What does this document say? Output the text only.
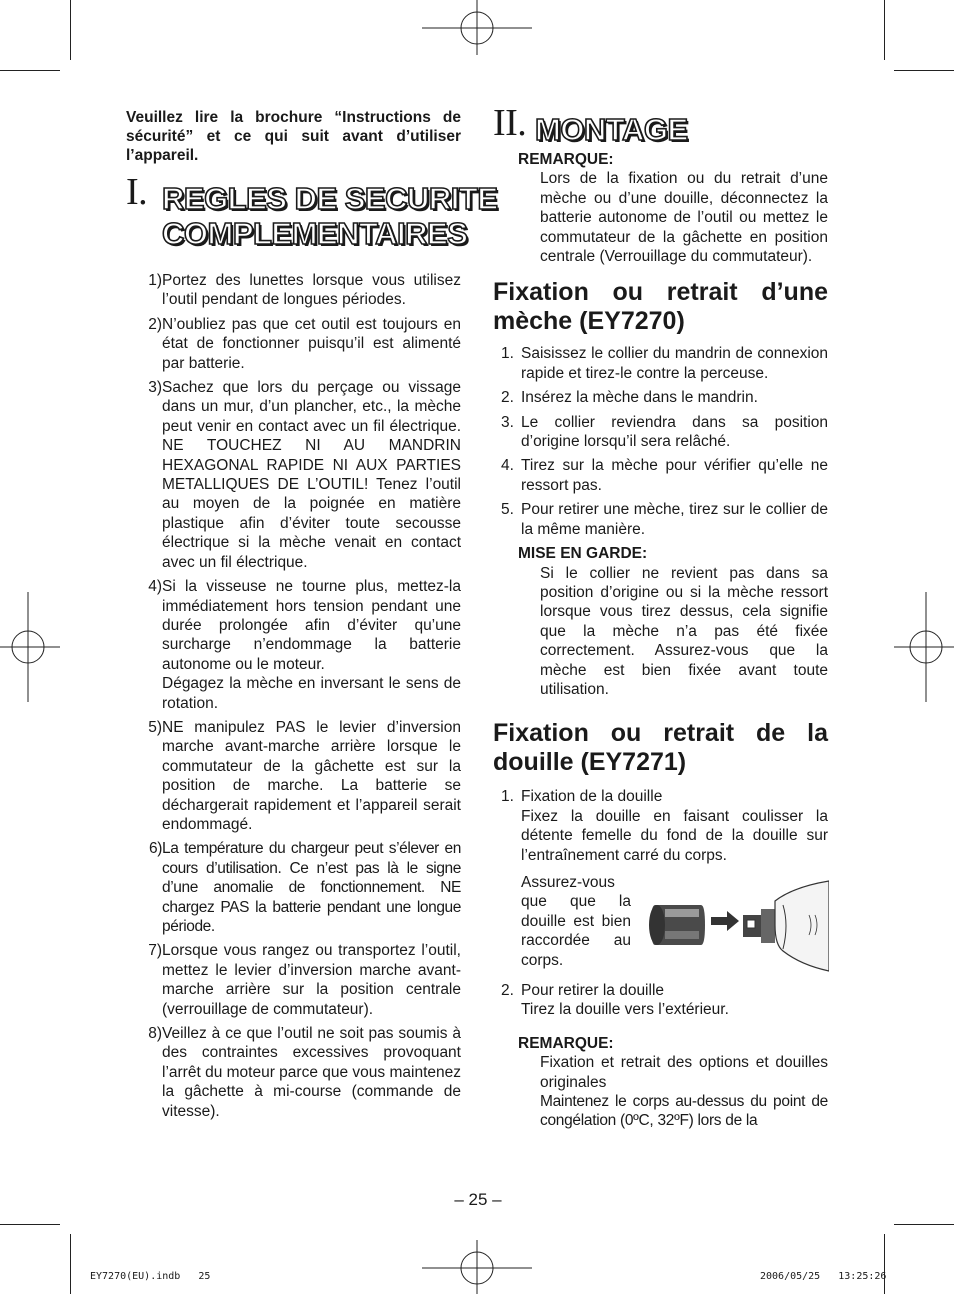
Veuillez lire la brochure “Instructions de sécurité” et ce qui suit avant d’utiliser l’appareil.
I. REGLES DE SECURITE
COMPLEMENTAIRES
1) Portez des lunettes lorsque vous utilisez l’outil pendant de longues périodes.
2) N’oubliez pas que cet outil est toujours en état de fonctionner puisqu’il est alimenté par batterie.
3) Sachez que lors du perçage ou vissage dans un mur, d’un plancher, etc., la mèche peut venir en contact avec un fil électrique. NE TOUCHEZ NI AU MANDRIN HEXAGONAL RAPIDE NI AUX PARTIES METALLIQUES DE L’OUTIL! Tenez l’outil au moyen de la poignée en matière plastique afin d’éviter toute secousse électrique si la mèche venait en contact avec un fil électrique.
4) Si la visseuse ne tourne plus, mettez-la immédiatement hors tension pendant une durée prolongée afin d’éviter qu’une surcharge n’endommage la batterie autonome ou le moteur.
Dégagez la mèche en inversant le sens de rotation.
5) NE manipulez PAS le levier d’inversion marche avant-marche arrière lorsque le commutateur de la gâchette est sur la position de marche. La batterie se déchargerait rapidement et l’appareil serait endommagé.
6) La température du chargeur peut s’élever en cours d’utilisation. Ce n’est pas là le signe d’une anomalie de fonctionnement. NE chargez PAS la batterie pendant une longue période.
7) Lorsque vous rangez ou transportez l’outil, mettez le levier d’inversion marche avant-marche arrière sur la position centrale (verrouillage de commutateur).
8) Veillez à ce que l’outil ne soit pas soumis à des contraintes excessives provoquant l’arrêt du moteur parce que vous maintenez la gâchette à mi-course (commande de vitesse).
II. MONTAGE
REMARQUE:
Lors de la fixation ou du retrait d’une mèche ou d’une douille, déconnectez la batterie autonome de l’outil ou mettez le commutateur de la gâchette en position centrale (Verrouillage du commutateur).
Fixation ou retrait d’une mèche (EY7270)
1. Saisissez le collier du mandrin de connexion rapide et tirez-le contre la perceuse.
2. Insérez la mèche dans le mandrin.
3. Le collier reviendra dans sa position d’origine lorsqu’il sera relâché.
4. Tirez sur la mèche pour vérifier qu’elle ne ressort pas.
5. Pour retirer une mèche, tirez sur le collier de la même manière.
MISE EN GARDE:
Si le collier ne revient pas dans sa position d’origine ou si la mèche ressort lorsque vous tirez dessus, cela signifie que la mèche n’a pas été fixée correctement. Assurez-vous que la mèche est bien fixée avant toute utilisation.
Fixation ou retrait de la douille (EY7271)
1. Fixation de la douille
Fixez la douille en faisant coulisser la détente femelle du fond de la douille sur l’entraînement carré du corps.
Assurez-vous que que la douille est bien raccordée au corps.
2. Pour retirer la douille
Tirez la douille vers l’extérieur.
REMARQUE:
Fixation et retrait des options et douilles originales
Maintenez le corps au-dessus du point de congélation (0ºC, 32ºF) lors de la
– 25 –
EY7270(EU).indb   25	2006/05/25   13:25:26
